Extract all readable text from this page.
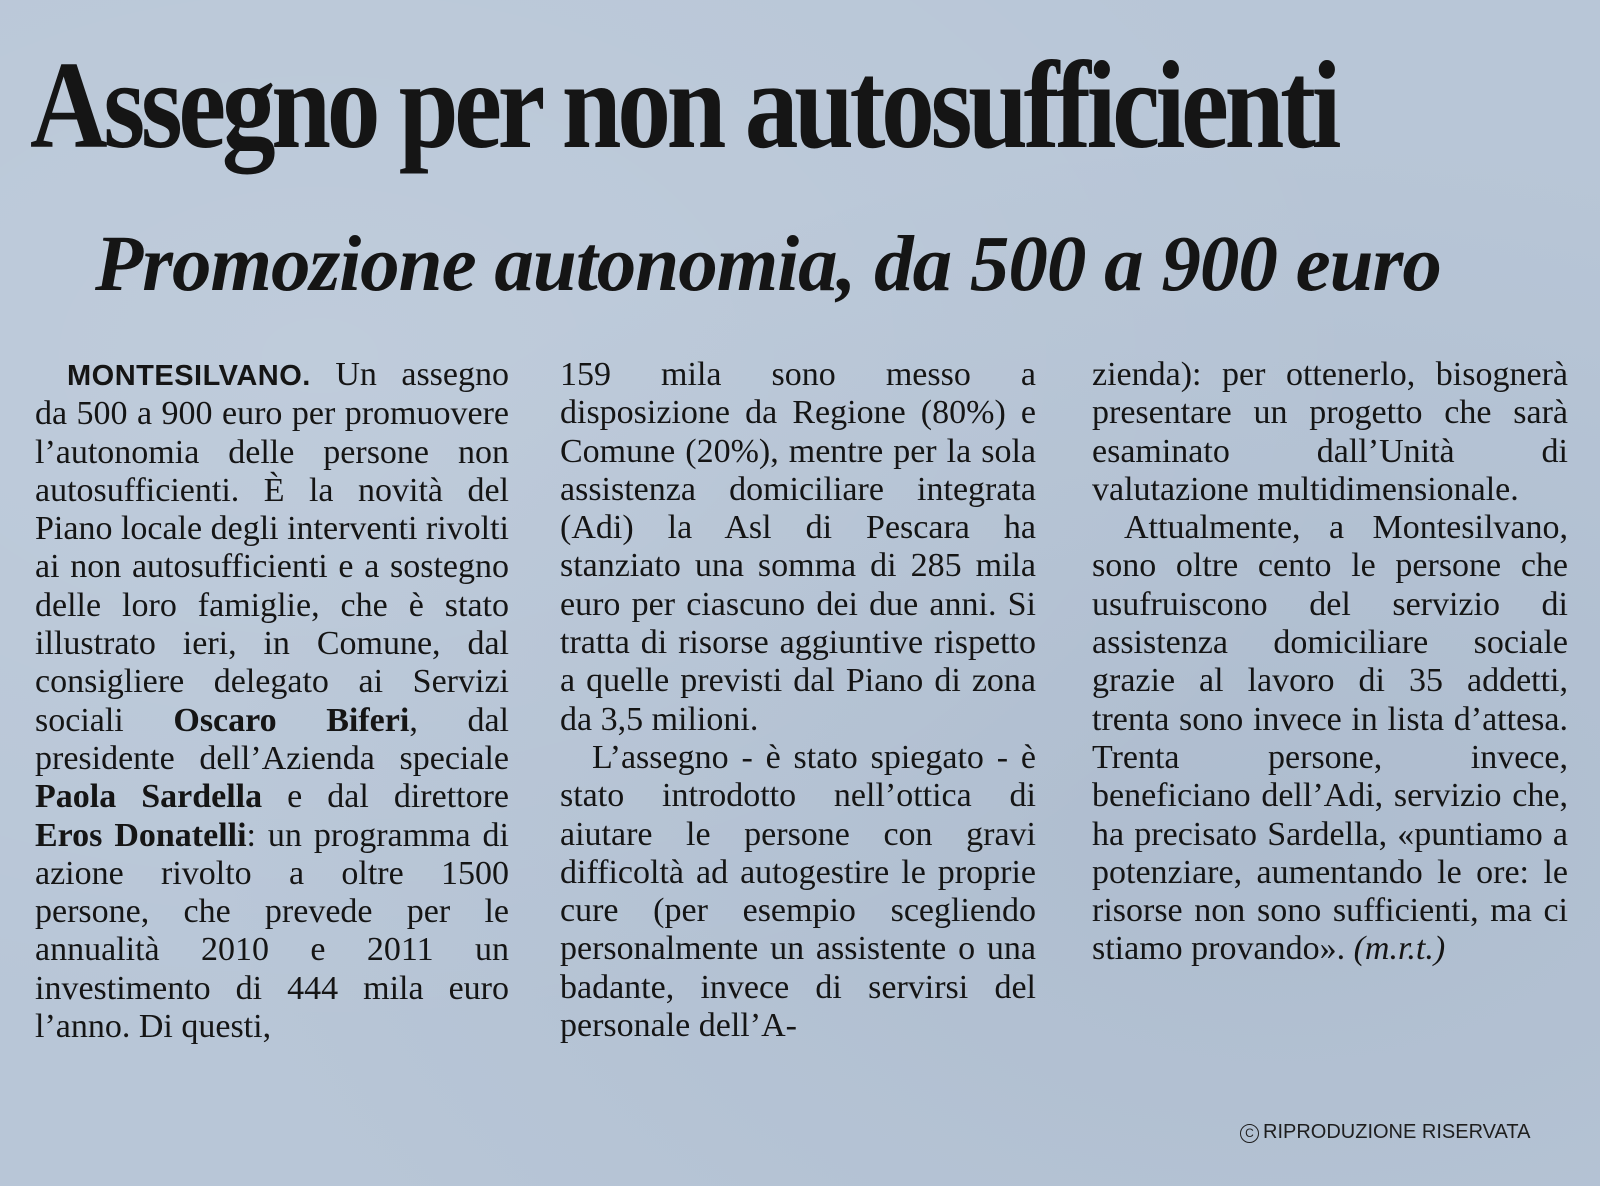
Assegno per non autosufficienti
Promozione autonomia, da 500 a 900 euro

MONTESILVANO. Un assegno da 500 a 900 euro per promuovere l’autonomia delle persone non autosufficienti. È la novità del Piano locale degli interventi rivolti ai non autosufficienti e a sostegno delle loro famiglie, che è stato illustrato ieri, in Comune, dal consigliere delegato ai Servizi sociali Oscaro Biferi, dal presidente dell’Azienda speciale Paola Sardella e dal direttore Eros Donatelli: un programma di azione rivolto a oltre 1500 persone, che prevede per le annualità 2010 e 2011 un investimento di 444 mila euro l’anno. Di questi,

159 mila sono messo a disposizione da Regione (80%) e Comune (20%), mentre per la sola assistenza domiciliare integrata (Adi) la Asl di Pescara ha stanziato una somma di 285 mila euro per ciascuno dei due anni. Si tratta di risorse aggiuntive rispetto a quelle previsti dal Piano di zona da 3,5 milioni.

L’assegno - è stato spiegato - è stato introdotto nell’ottica di aiutare le persone con gravi difficoltà ad autogestire le proprie cure (per esempio scegliendo personalmente un assistente o una badante, invece di servirsi del personale dell’A-

zienda): per ottenerlo, bisognerà presentare un progetto che sarà esaminato dall’Unità di valutazione multidimensionale.

Attualmente, a Montesilvano, sono oltre cento le persone che usufruiscono del servizio di assistenza domiciliare sociale grazie al lavoro di 35 addetti, trenta sono invece in lista d’attesa. Trenta persone, invece, beneficiano dell’Adi, servizio che, ha precisato Sardella, «puntiamo a potenziare, aumentando le ore: le risorse non sono sufficienti, ma ci stiamo provando». (m.r.t.)

C RIPRODUZIONE RISERVATA
